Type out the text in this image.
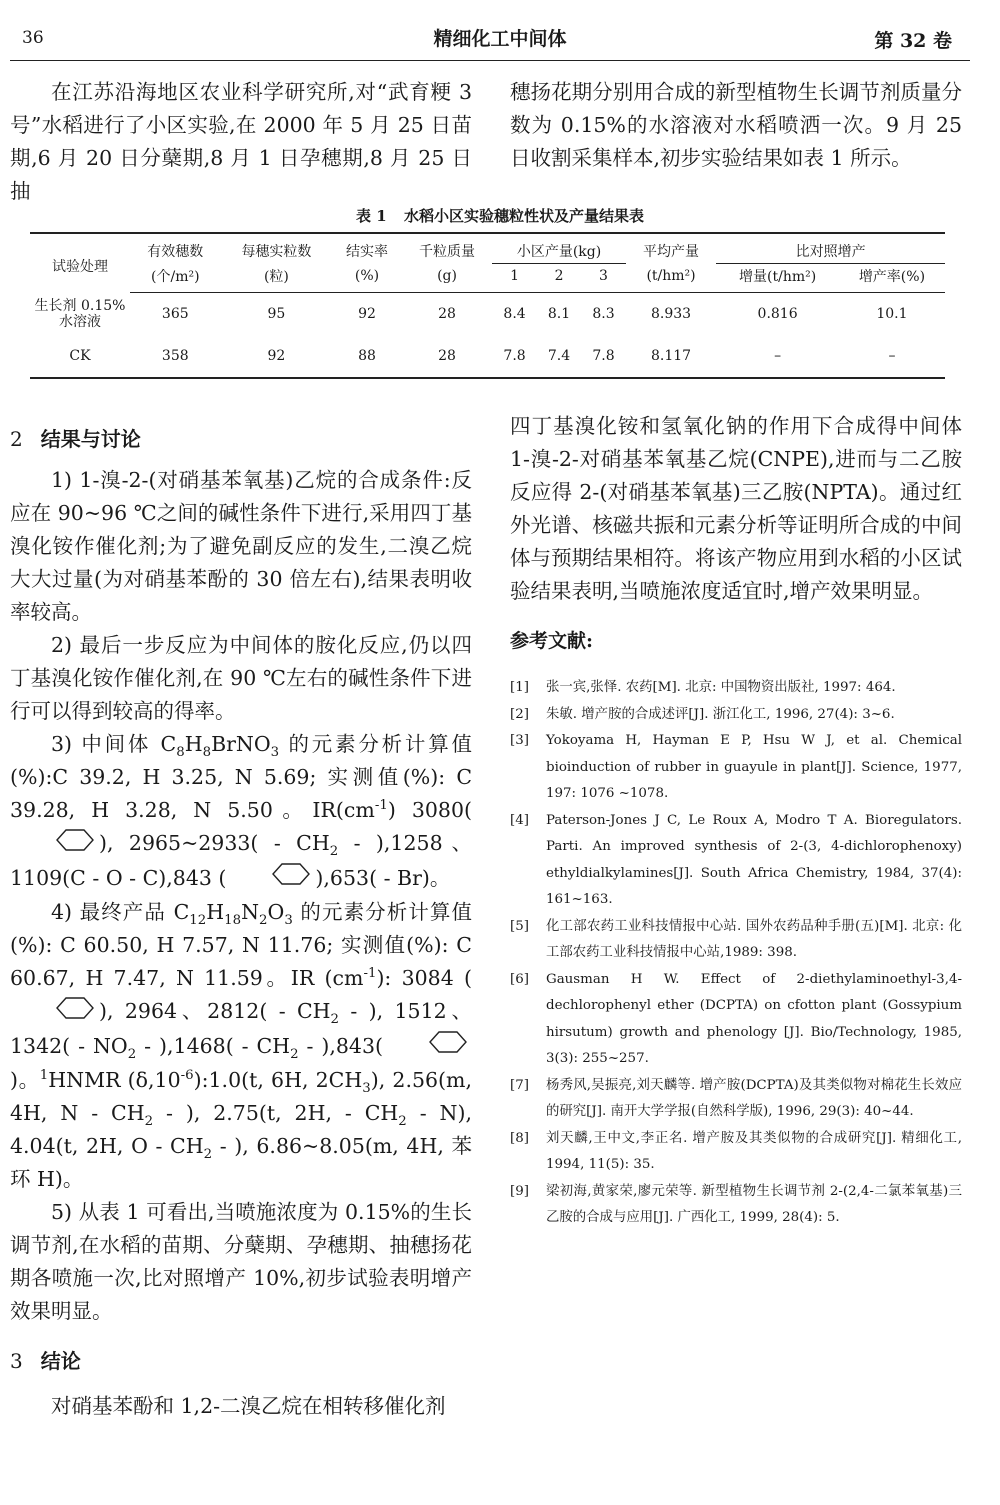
36	精细化工中间体	第 32 卷

在江苏沿海地区农业科学研究所,对“武育粳 3 号”水稻进行了小区实验,在 2000 年 5 月 25 日苗期,6 月 20 日分蘖期,8 月 1 日孕穗期,8 月 25 日抽

穗扬花期分别用合成的新型植物生长调节剂质量分数为 0.15%的水溶液对水稻喷洒一次。9 月 25 日收割采集样本,初步实验结果如表 1 所示。

表 1 水稻小区实验穗粒性状及产量结果表
试验处理	有效穗数	每穗实粒数	结实率	千粒质量	小区产量(kg)			平均产量	比对照增产	
	(个/m²)	(粒)	(%)	(g)	1	2	3	(t/hm²)	增量(t/hm²)	增产率(%)
生长剂 0.15% 水溶液	365	95	92	28	8.4	8.1	8.3	8.933	0.816	10.1
CK	358	92	88	28	7.8	7.4	7.8	8.117	–	–
2 结果与讨论

1) 1-溴-2-(对硝基苯氧基)乙烷的合成条件:反应在 90~96 ℃之间的碱性条件下进行,采用四丁基溴化铵作催化剂;为了避免副反应的发生,二溴乙烷大大过量(为对硝基苯酚的 30 倍左右),结果表明收率较高。

2) 最后一步反应为中间体的胺化反应,仍以四丁基溴化铵作催化剂,在 90 ℃左右的碱性条件下进行可以得到较高的得率。

3) 中间体 $C_8H_8BrNO_3$ 的元素分析计算值(%):C 39.2, H 3.25, N 5.69; 实测值(%): C 39.28, H 3.28, N 5.50。$IR(cm^{-1})$ 3080(), 2965~2933( - $CH_2 - ),1258$、1109(C - O - C),843 (	),653( - Br)。

4) 最终产品 $C_{12}H_{18}N_2O_3$ 的元素分析计算值(%): C 60.50, H 7.57, N 11.76; 实测值(%): C 60.67, H 7.47, N 11.59。IR $(cm^{-1})$: 3084 (), 2964、$2812( - CH_2$ - ), 1512、$1342( - NO_2 - ),1468( - CH_2 - ),843()$。$^1$HNMR $(\delta,10^{-6}):1.0(t$, 6H, $2CH_3$), 2.56(m, 4H, N - $CH_2$ - ), 2.75(t, 2H, - $CH_2 - N$), 4.04(t, 2H, O - $CH_2$ - ), 6.86~8.05(m, 4H, 苯环 H)。

5) 从表 1 可看出,当喷施浓度为 0.15%的生长调节剂,在水稻的苗期、分蘖期、孕穗期、抽穗扬花期各喷施一次,比对照增产 10%,初步试验表明增产效果明显。

3 结论

对硝基苯酚和 1,2-二溴乙烷在相转移催化剂

四丁基溴化铵和氢氧化钠的作用下合成得中间体 1-溴-2-对硝基苯氧基乙烷(CNPE),进而与二乙胺反应得 2-(对硝基苯氧基)三乙胺(NPTA)。通过红外光谱、核磁共振和元素分析等证明所合成的中间体与预期结果相符。将该产物应用到水稻的小区试验结果表明,当喷施浓度适宜时,增产效果明显。

参考文献:
[1]	张一宾,张怿. 农药[M]. 北京: 中国物资出版社, 1997: 464.
[2]	朱敏. 增产胺的合成述评[J]. 浙江化工, 1996, 27(4): 3~6.
[3]	Yokoyama H, Hayman E P, Hsu W J, et al. Chemical bioinduction of rubber in guayule in plant[J]. Science, 1977, 197: 1076 ~1078.
[4]	Paterson-Jones J C, Le Roux A, Modro T A. Bioregulators. Parti. An improved synthesis of 2-(3, 4-dichlorophenoxy) ethyldialkylamines[J]. South Africa Chemistry, 1984, 37(4): 161~163.
[5]	化工部农药工业科技情报中心站. 国外农药品种手册(五)[M]. 北京: 化工部农药工业科技情报中心站,1989: 398.
[6]	Gausman H W. Effect of 2-diethylaminoethyl-3,4-dechlorophenyl ether (DCPTA) on cfotton plant (Gossypium hirsutum) growth and phenology [J]. Bio/Technology, 1985, 3(3): 255~257.
[7]	杨秀风,吴振亮,刘天麟等. 增产胺(DCPTA)及其类似物对棉花生长效应的研究[J]. 南开大学学报(自然科学版), 1996, 29(3): 40~44.
[8]	刘天麟,王中文,李正名. 增产胺及其类似物的合成研究[J]. 精细化工, 1994, 11(5): 35.
[9]	梁初海,黄家荣,廖元荣等. 新型植物生长调节剂 2-(2,4-二氯苯氧基)三乙胺的合成与应用[J]. 广西化工, 1999, 28(4): 5.
